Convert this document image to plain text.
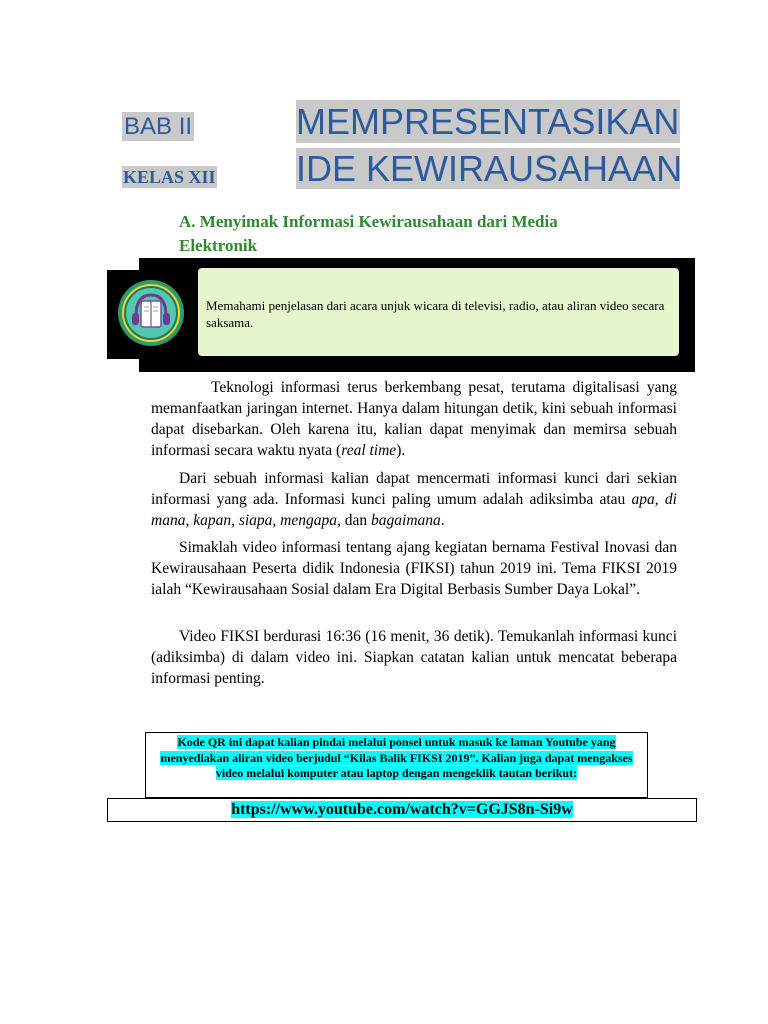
BAB II
KELAS XII
MEMPRESENTASIKAN
IDE KEWIRAUSAHAAN
A. Menyimak Informasi Kewirausahaan dari Media
Elektronik
Memahami penjelasan dari acara unjuk wicara di televisi, radio, atau aliran video secara saksama.
Teknologi informasi terus berkembang pesat, terutama digitalisasi yang memanfaatkan jaringan internet. Hanya dalam hitungan detik, kini sebuah informasi dapat disebarkan. Oleh karena itu, kalian dapat menyimak dan memirsa sebuah informasi secara waktu nyata (real time).
Dari sebuah informasi kalian dapat mencermati informasi kunci dari sekian informasi yang ada. Informasi kunci paling umum adalah adiksimba atau apa, di mana, kapan, siapa, mengapa, dan bagaimana.
Simaklah video informasi tentang ajang kegiatan bernama Festival Inovasi dan Kewirausahaan Peserta didik Indonesia (FIKSI) tahun 2019 ini. Tema FIKSI 2019 ialah “Kewirausahaan Sosial dalam Era Digital Berbasis Sumber Daya Lokal”.
Video FIKSI berdurasi 16:36 (16 menit, 36 detik). Temukanlah informasi kunci (adiksimba) di dalam video ini. Siapkan catatan kalian untuk mencatat beberapa informasi penting.
Kode QR ini dapat kalian pindai melalui ponsel untuk masuk ke laman Youtube yang menyediakan aliran video berjudul “Kilas Balik FIKSI 2019”. Kalian juga dapat mengakses video melalui komputer atau laptop dengan mengeklik tautan berikut:
https://www.youtube.com/watch?v=GGJS8n-Si9w
